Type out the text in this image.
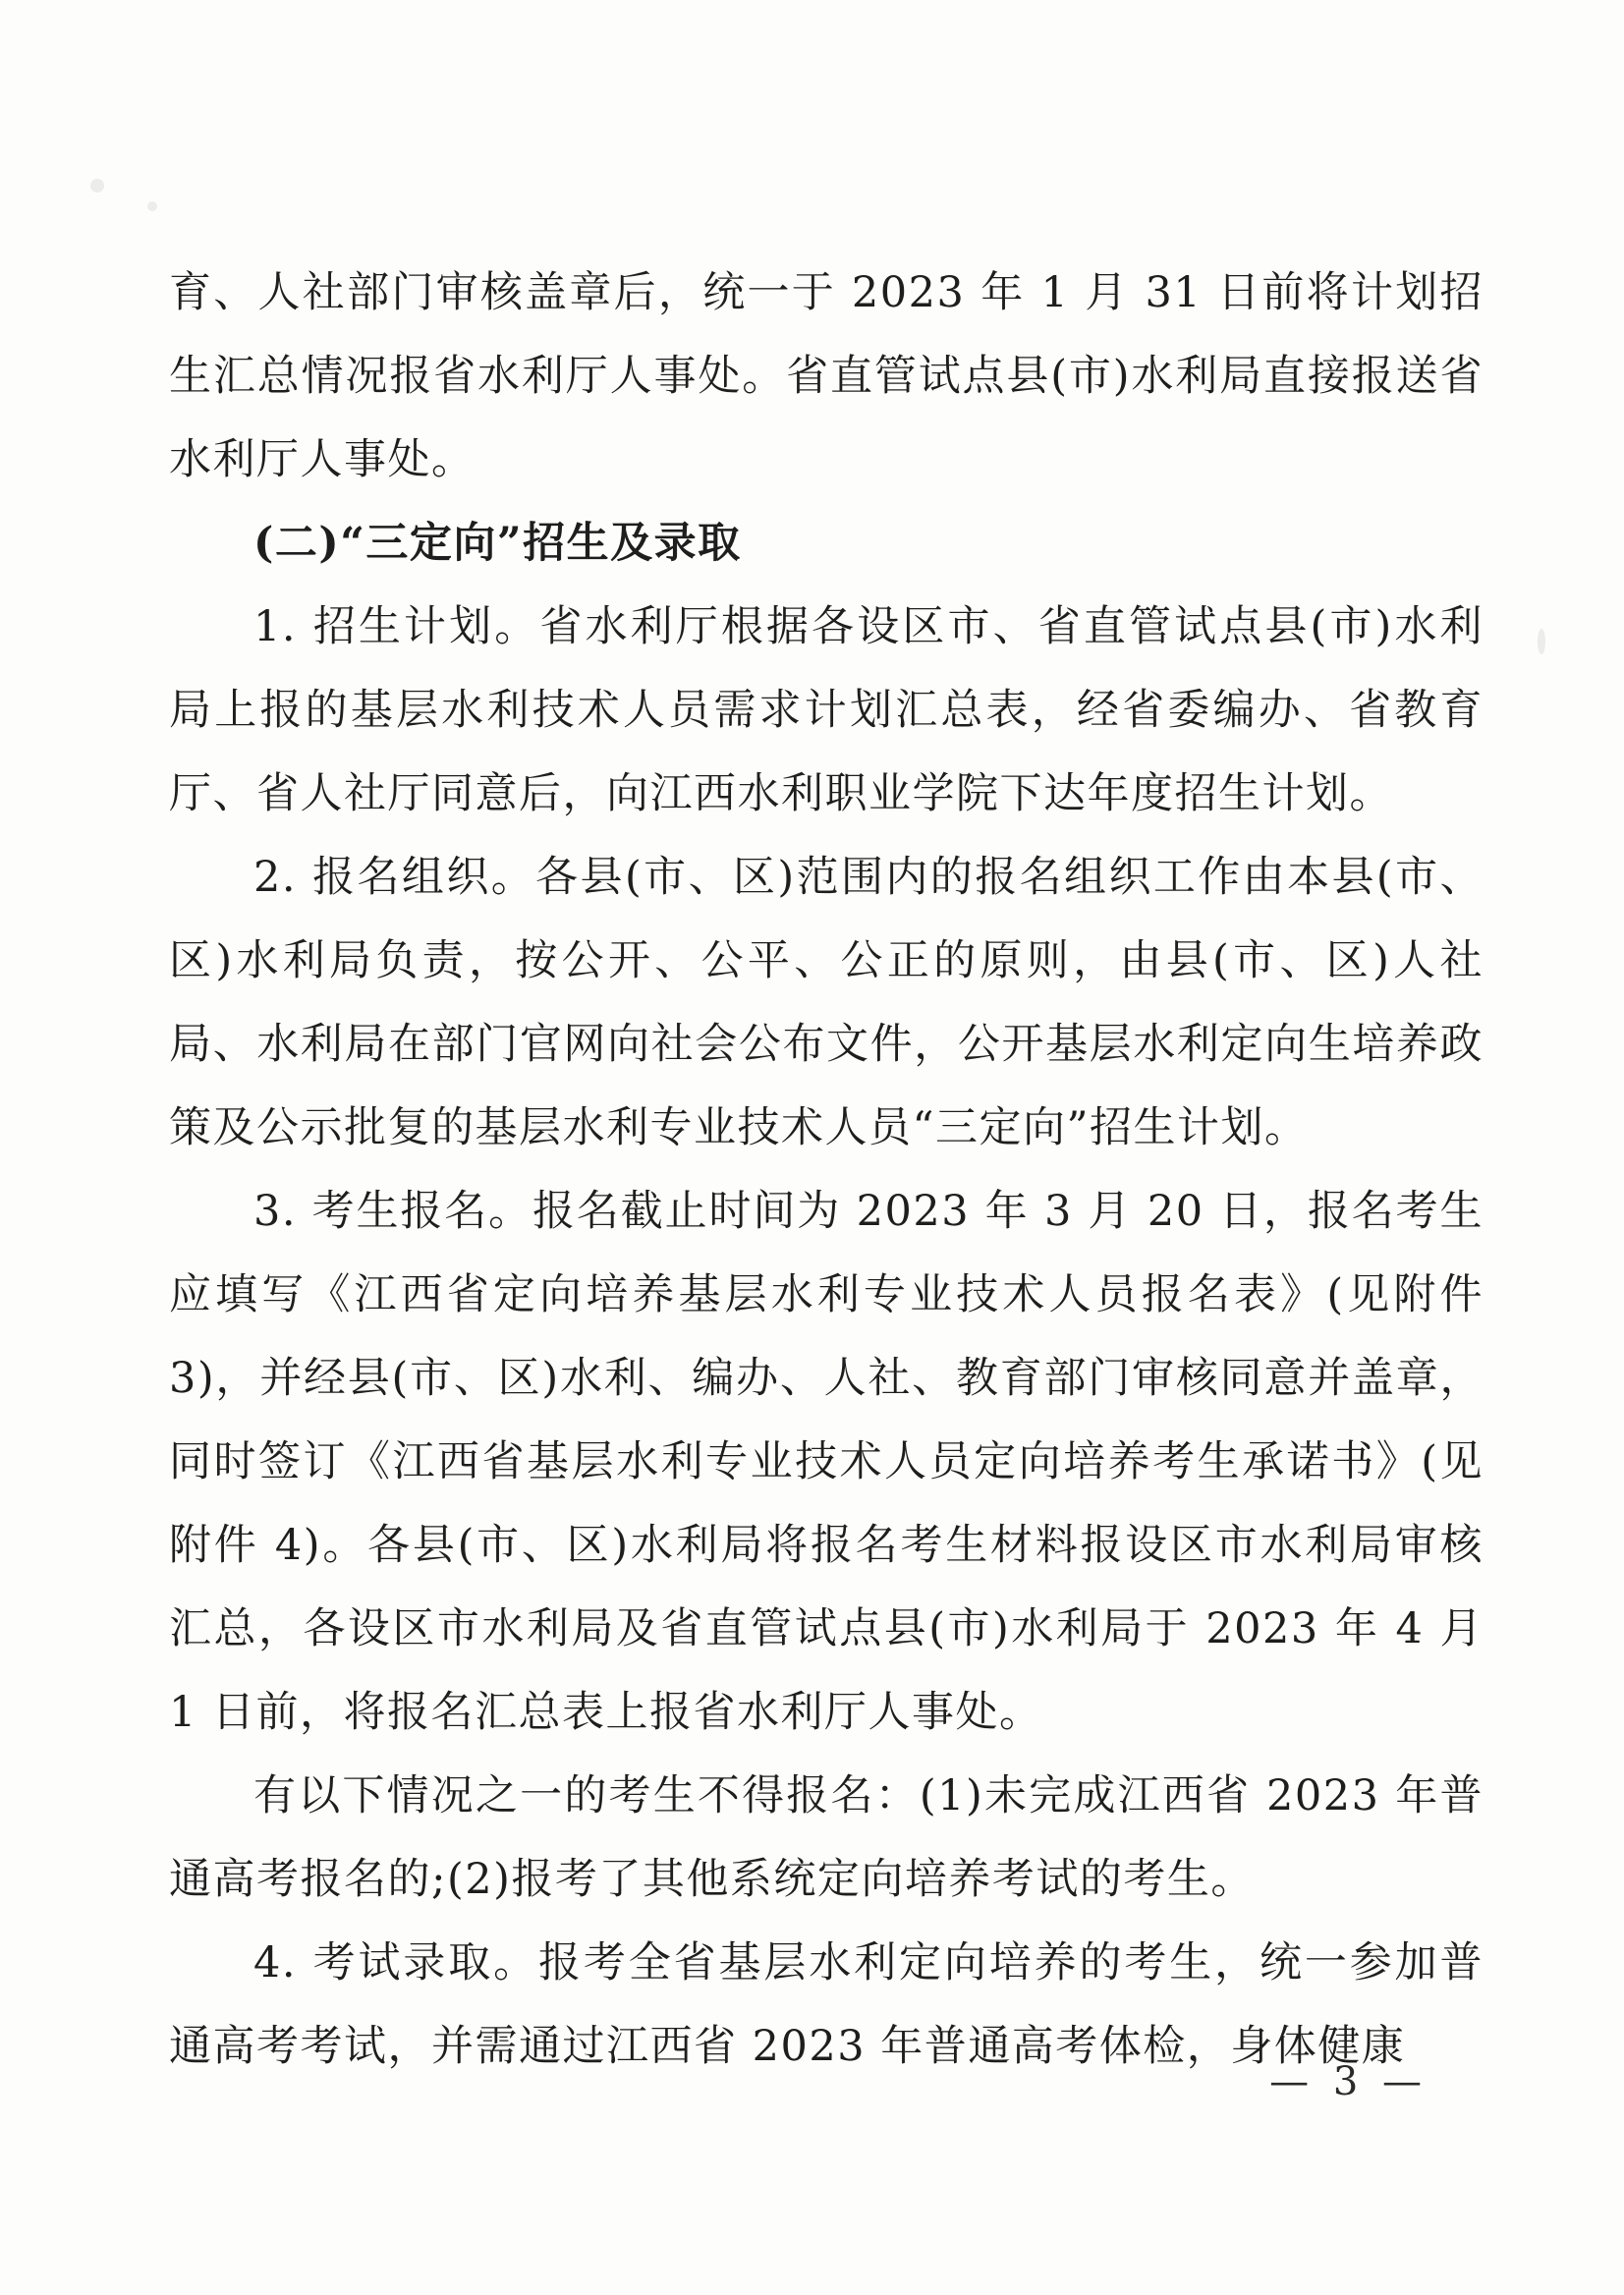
育、人社部门审核盖章后，统一于 2023 年 1 月 31 日前将计划招生汇总情况报省水利厅人事处。省直管试点县(市)水利局直接报送省水利厅人事处。

(二)“三定向”招生及录取

1. 招生计划。省水利厅根据各设区市、省直管试点县(市)水利局上报的基层水利技术人员需求计划汇总表，经省委编办、省教育厅、省人社厅同意后，向江西水利职业学院下达年度招生计划。

2. 报名组织。各县(市、区)范围内的报名组织工作由本县(市、区)水利局负责，按公开、公平、公正的原则，由县(市、区)人社局、水利局在部门官网向社会公布文件，公开基层水利定向生培养政策及公示批复的基层水利专业技术人员“三定向”招生计划。

3. 考生报名。报名截止时间为 2023 年 3 月 20 日，报名考生应填写《江西省定向培养基层水利专业技术人员报名表》(见附件3)，并经县(市、区)水利、编办、人社、教育部门审核同意并盖章，同时签订《江西省基层水利专业技术人员定向培养考生承诺书》(见附件 4)。各县(市、区)水利局将报名考生材料报设区市水利局审核汇总，各设区市水利局及省直管试点县(市)水利局于 2023 年 4 月 1 日前，将报名汇总表上报省水利厅人事处。

有以下情况之一的考生不得报名：(1)未完成江西省 2023 年普通高考报名的;(2)报考了其他系统定向培养考试的考生。

4. 考试录取。报考全省基层水利定向培养的考生，统一参加普通高考考试，并需通过江西省 2023 年普通高考体检，身体健康

— 3 —
